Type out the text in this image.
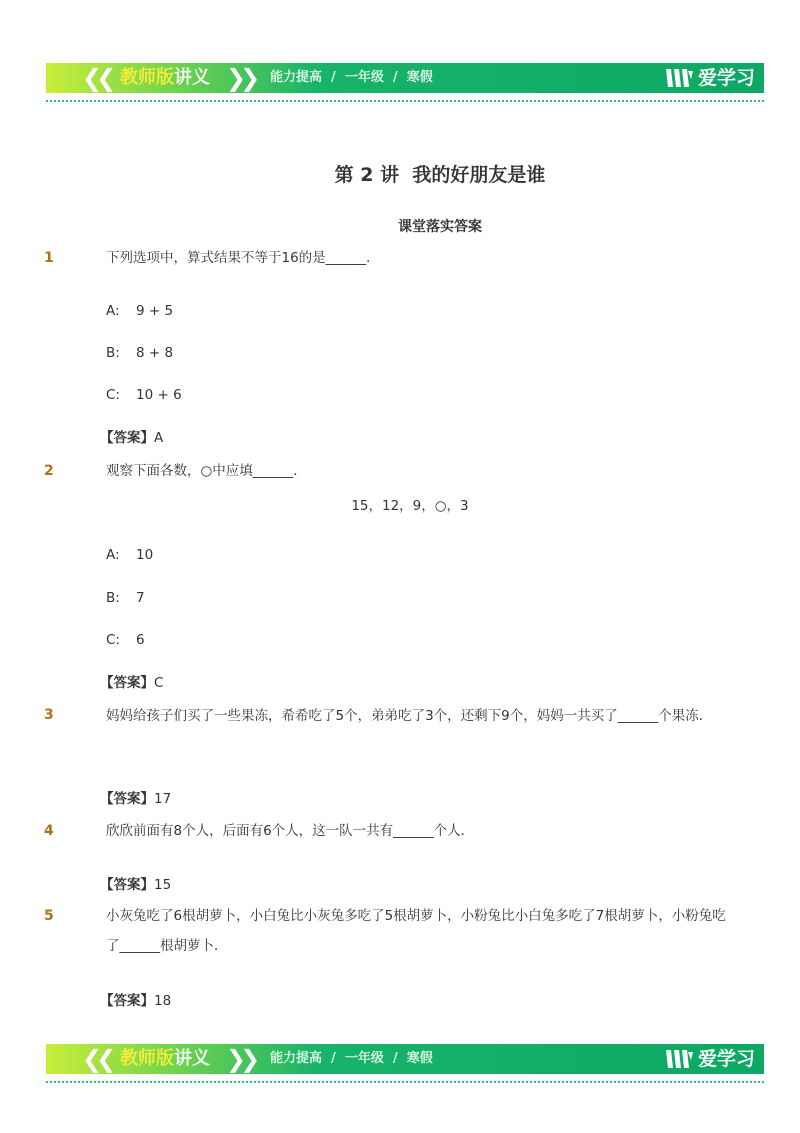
❮❮ 教师版讲义 ❯❯ 能力提高  /  一年级  /  寒假	爱学习
第 2 讲  我的好朋友是谁
课堂落实答案
1	下列选项中，算式结果不等于16的是______．
A: 9 + 5
B: 8 + 8
C: 10 + 6
【答案】A
2	观察下面各数，○中应填______．
15，12，9，○，3
A: 10
B: 7
C: 6
【答案】C
3	妈妈给孩子们买了一些果冻，希希吃了5个，弟弟吃了3个，还剩下9个，妈妈一共买了______个果冻．
【答案】17
4	欣欣前面有8个人，后面有6个人，这一队一共有______个人．
【答案】15
5	小灰兔吃了6根胡萝卜，小白兔比小灰兔多吃了5根胡萝卜，小粉兔比小白兔多吃了7根胡萝卜，小粉兔吃了______根胡萝卜．
【答案】18
❮❮ 教师版讲义 ❯❯ 能力提高  /  一年级  /  寒假	爱学习
